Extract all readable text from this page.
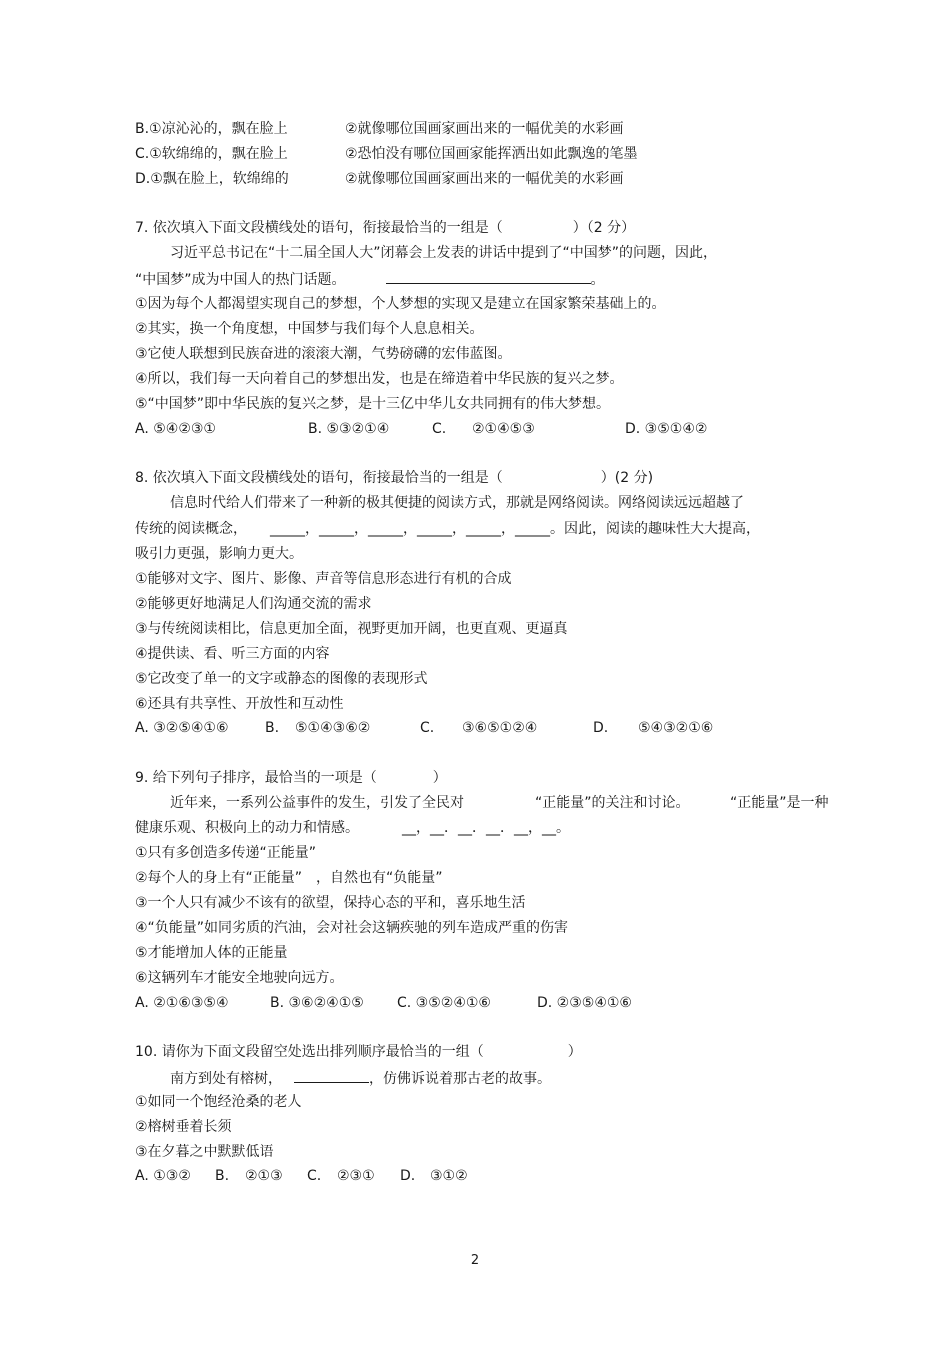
B.①凉沁沁的，飘在脸上	②就像哪位国画家画出来的一幅优美的水彩画
C.①软绵绵的，飘在脸上	②恐怕没有哪位国画家能挥洒出如此飘逸的笔墨
D.①飘在脸上，软绵绵的	②就像哪位国画家画出来的一幅优美的水彩画
7. 依次填入下面文段横线处的语句，衔接最恰当的一组是（　　　　　）（2 分）
习近平总书记在“十二届全国人大”闭幕会上发表的讲话中提到了“中国梦”的问题，因此，
“中国梦”成为中国人的热门话题。	。
①因为每个人都渴望实现自己的梦想，个人梦想的实现又是建立在国家繁荣基础上的。
②其实，换一个角度想，中国梦与我们每个人息息相关。
③它使人联想到民族奋进的滚滚大潮，气势磅礴的宏伟蓝图。
④所以，我们每一天向着自己的梦想出发，也是在缔造着中华民族的复兴之梦。
⑤“中国梦”即中华民族的复兴之梦，是十三亿中华儿女共同拥有的伟大梦想。
A. ⑤④②③①	B. ⑤③②①④	C. ②①④⑤③	D. ③⑤①④②
8. 依次填入下面文段横线处的语句，衔接最恰当的一组是（　　　　　　　）(2 分)
信息时代给人们带来了一种新的极其便捷的阅读方式，那就是网络阅读。网络阅读远远超越了
传统的阅读概念， _____，_____，_____，_____，_____，_____。因此，阅读的趣味性大大提高，
吸引力更强，影响力更大。
①能够对文字、图片、影像、声音等信息形态进行有机的合成
②能够更好地满足人们沟通交流的需求
③与传统阅读相比，信息更加全面，视野更加开阔，也更直观、更逼真
④提供读、看、听三方面的内容
⑤它改变了单一的文字或静态的图像的表现形式
⑥还具有共享性、开放性和互动性
A. ③②⑤④①⑥	B. ⑤①④③⑥②	C. ③⑥⑤①②④	D. ⑤④③②①⑥
9. 给下列句子排序，最恰当的一项是（　　　　）
近年来，一系列公益事件的发生，引发了全民对	“正能量”的关注和讨论。	“正能量”是一种
健康乐观、积极向上的动力和情感。	__，__．__．__．__，__。
①只有多创造多传递“正能量”
②每个人的身上有“正能量”　，自然也有“负能量”
③一个人只有减少不该有的欲望，保持心态的平和，喜乐地生活
④“负能量”如同劣质的汽油，会对社会这辆疾驰的列车造成严重的伤害
⑤才能增加人体的正能量
⑥这辆列车才能安全地驶向远方。
A. ②①⑥③⑤④	B. ③⑥②④①⑤ C. ③⑤②④①⑥	D. ②③⑤④①⑥
10. 请你为下面文段留空处选出排列顺序最恰当的一组（　　　　　　）
南方到处有榕树，	，仿佛诉说着那古老的故事。
①如同一个饱经沧桑的老人
②榕树垂着长须
③在夕暮之中默默低语
A. ①③② B. ②①③ C. ②③① D. ③①②
2
